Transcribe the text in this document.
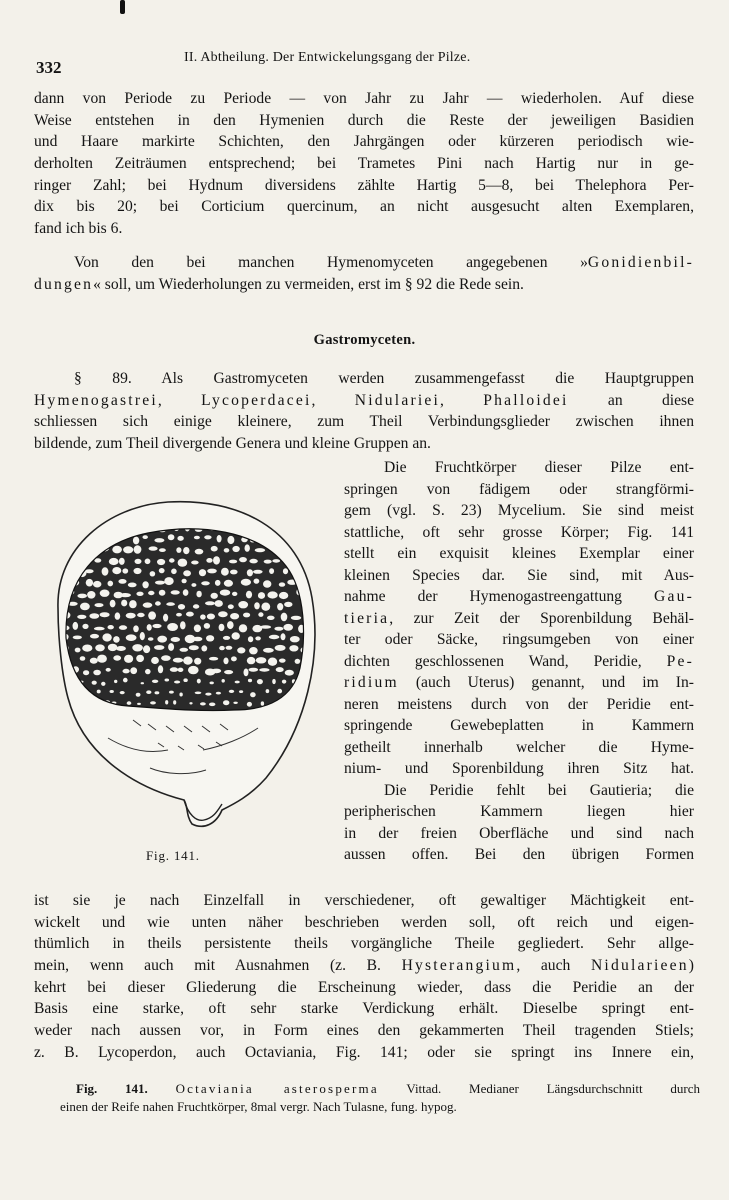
332
II. Abtheilung. Der Entwickelungsgang der Pilze.
dann von Periode zu Periode — von Jahr zu Jahr — wiederholen. Auf diese
Weise entstehen in den Hymenien durch die Reste der jeweiligen Basidien
und Haare markirte Schichten, den Jahrgängen oder kürzeren periodisch wie-
derholten Zeiträumen entsprechend; bei Trametes Pini nach Hartig nur in ge-
ringer Zahl; bei Hydnum diversidens zählte Hartig 5—8, bei Thelephora Per-
dix bis 20; bei Corticium quercinum, an nicht ausgesucht alten Exemplaren,
fand ich bis 6.
Von den bei manchen Hymenomyceten angegebenen »Gonidienbil-
dungen« soll, um Wiederholungen zu vermeiden, erst im § 92 die Rede sein.
Gastromyceten.
§ 89. Als Gastromyceten werden zusammengefasst die Hauptgruppen
Hymenogastrei, Lycoperdacei, Nidulariei, Phalloidei an diese
schliessen sich einige kleinere, zum Theil Verbindungsglieder zwischen ihnen
bildende, zum Theil divergende Genera und kleine Gruppen an.
Die Fruchtkörper dieser Pilze ent-
springen von fädigem oder strangförmi-
gem (vgl. S. 23) Mycelium. Sie sind meist
stattliche, oft sehr grosse Körper; Fig. 141
stellt ein exquisit kleines Exemplar einer
kleinen Species dar. Sie sind, mit Aus-
nahme der Hymenogastreengattung Gau-
tieria, zur Zeit der Sporenbildung Behäl-
ter oder Säcke, ringsumgeben von einer
dichten geschlossenen Wand, Peridie, Pe-
ridium (auch Uterus) genannt, und im In-
neren meistens durch von der Peridie ent-
springende Gewebeplatten in Kammern
getheilt innerhalb welcher die Hyme-
nium- und Sporenbildung ihren Sitz hat.
Die Peridie fehlt bei Gautieria; die
peripherischen Kammern liegen hier
in der freien Oberfläche und sind nach
aussen offen. Bei den übrigen Formen
Fig. 141.
ist sie je nach Einzelfall in verschiedener, oft gewaltiger Mächtigkeit ent-
wickelt und wie unten näher beschrieben werden soll, oft reich und eigen-
thümlich in theils persistente theils vorgängliche Theile gegliedert. Sehr allge-
mein, wenn auch mit Ausnahmen (z. B. Hysterangium, auch Nidularieen)
kehrt bei dieser Gliederung die Erscheinung wieder, dass die Peridie an der
Basis eine starke, oft sehr starke Verdickung erhält. Dieselbe springt ent-
weder nach aussen vor, in Form eines den gekammerten Theil tragenden Stiels;
z. B. Lycoperdon, auch Octaviania, Fig. 141; oder sie springt ins Innere ein,
Fig. 141. Octaviania asterosperma Vittad. Medianer Längsdurchschnitt durch
einen der Reife nahen Fruchtkörper, 8mal vergr. Nach Tulasne, fung. hypog.
